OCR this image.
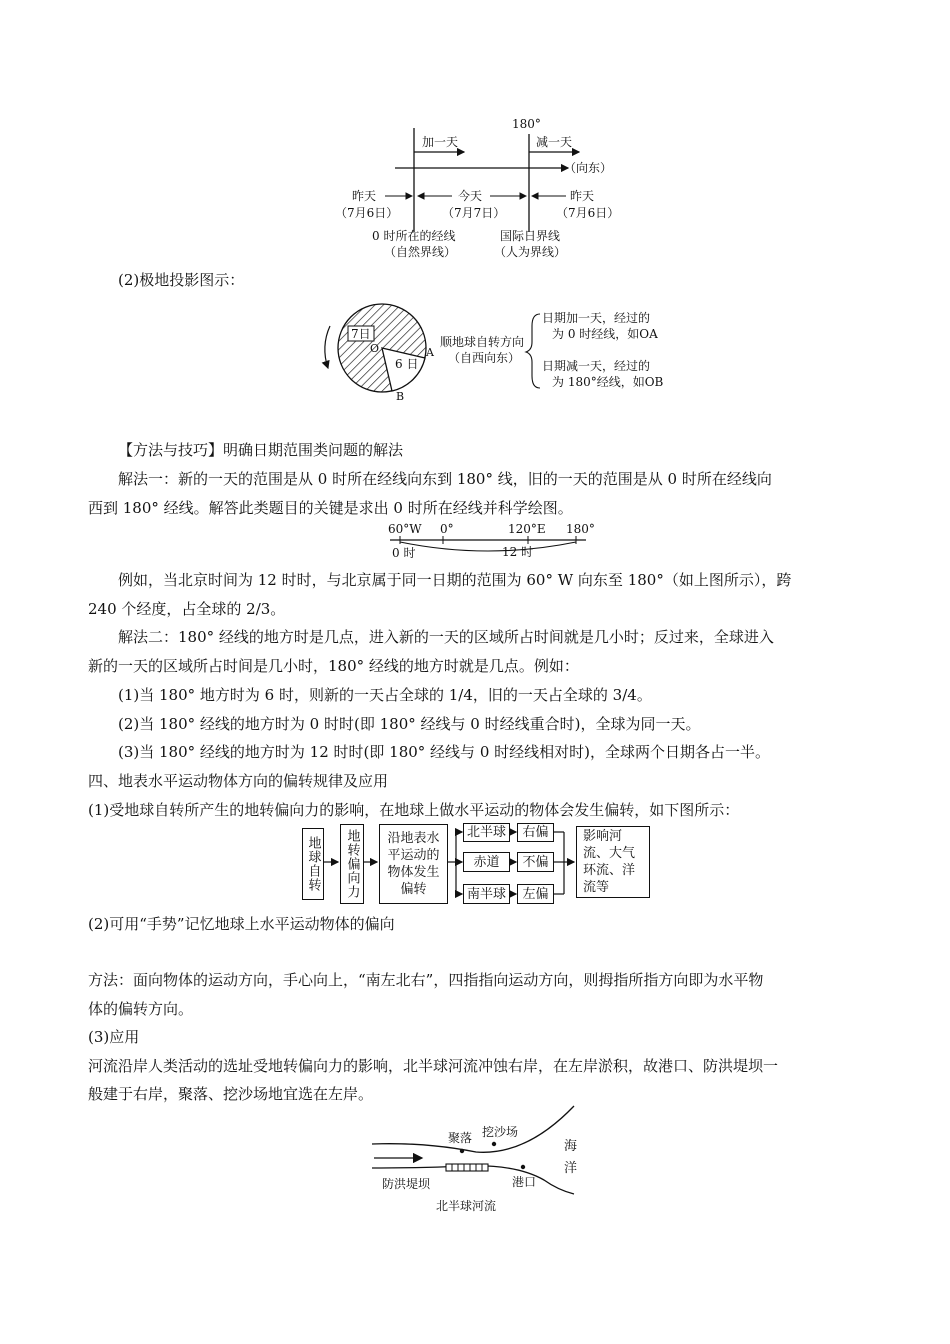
180°
加一天	减一天
（向东）
昨天
（7月6日）
今天
（7月7日）
昨天
（7月6日）
0 时所在的经线
（自然界线）
国际日界线
（人为界线）
(2)极地投影图示：
7日
6 日
O	A
B
顺地球自转方向
（自西向东）
日期加一天，经过的
为 0 时经线，如OA
日期减一天，经过的
为 180°经线，如OB
【方法与技巧】明确日期范围类问题的解法
解法一：新的一天的范围是从 0 时所在经线向东到 180° 线，旧的一天的范围是从 0 时所在经线向
西到 180° 经线。解答此类题目的关键是求出 0 时所在经线并科学绘图。
60°W 0°	120°E 180°
0 时	12 时
例如，当北京时间为 12 时时，与北京属于同一日期的范围为 60° W 向东至 180°（如上图所示），跨
240 个经度，占全球的 2/3。
解法二：180° 经线的地方时是几点，进入新的一天的区域所占时间就是几小时；反过来，全球进入
新的一天的区域所占时间是几小时，180° 经线的地方时就是几点。例如：
(1)当 180° 地方时为 6 时，则新的一天占全球的 1/4，旧的一天占全球的 3/4。
(2)当 180° 经线的地方时为 0 时时(即 180° 经线与 0 时经线重合时)，全球为同一天。
(3)当 180° 经线的地方时为 12 时时(即 180° 经线与 0 时经线相对时)，全球两个日期各占一半。
四、地表水平运动物体方向的偏转规律及应用
(1)受地球自转所产生的地转偏向力的影响，在地球上做水平运动的物体会发生偏转，如下图所示：
地球自转	地转偏向力	沿地表水平运动的物体发生偏转
北半球	右偏
赤道	不偏
南半球	左偏
影响河流、大气环流、洋流等
(2)可用“手势”记忆地球上水平运动物体的偏向
方法：面向物体的运动方向，手心向上，“南左北右”，四指指向运动方向，则拇指所指方向即为水平物
体的偏转方向。
(3)应用
河流沿岸人类活动的选址受地转偏向力的影响，北半球河流冲蚀右岸，在左岸淤积，故港口、防洪堤坝一
般建于右岸，聚落、挖沙场地宜选在左岸。
聚落 挖沙场
海
洋
防洪堤坝	港口
北半球河流
